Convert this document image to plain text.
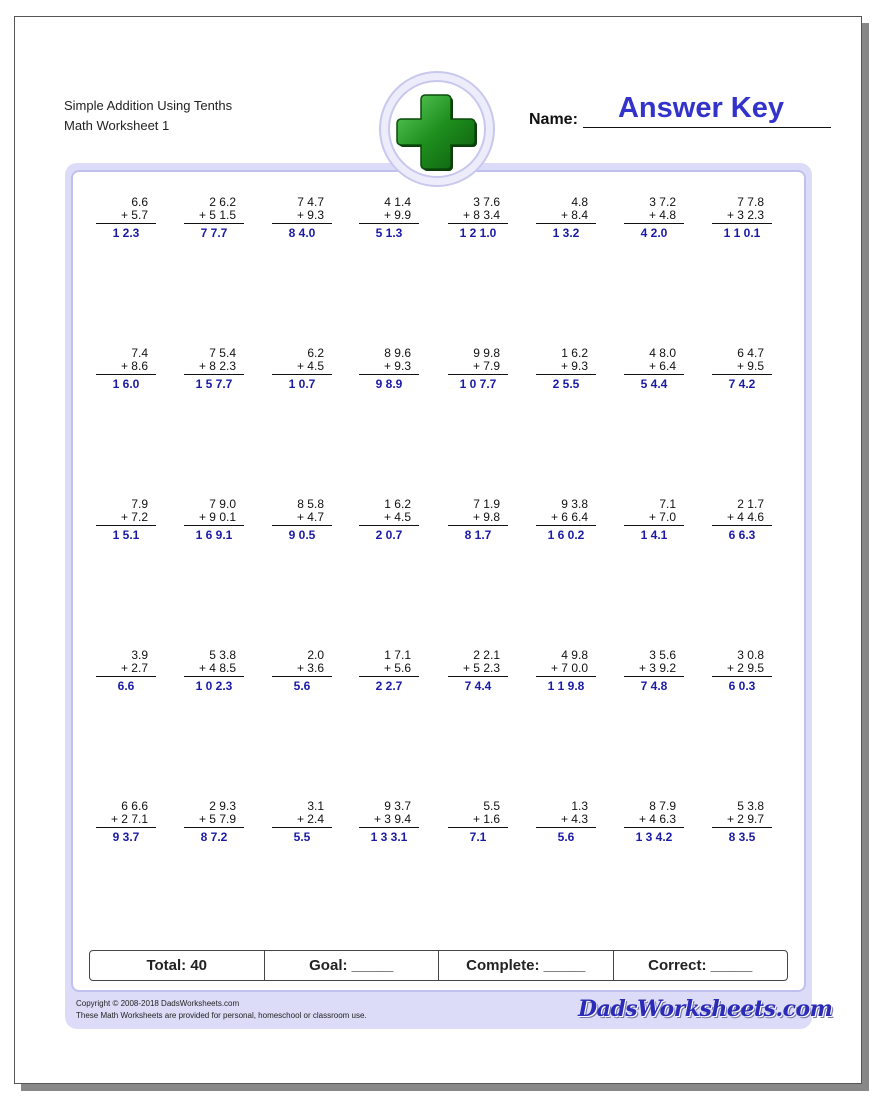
Simple Addition Using Tenths
Math Worksheet 1	Name:	Answer Key
6.6
+ 5.7
1 2.3
2 6.2
+ 5 1.5
7 7.7
7 4.7
+ 9.3
8 4.0
4 1.4
+ 9.9
5 1.3
3 7.6
+ 8 3.4
1 2 1.0
4.8
+ 8.4
1 3.2
3 7.2
+ 4.8
4 2.0
7 7.8
+ 3 2.3
1 1 0.1
7.4
+ 8.6
1 6.0
7 5.4
+ 8 2.3
1 5 7.7
6.2
+ 4.5
1 0.7
8 9.6
+ 9.3
9 8.9
9 9.8
+ 7.9
1 0 7.7
1 6.2
+ 9.3
2 5.5
4 8.0
+ 6.4
5 4.4
6 4.7
+ 9.5
7 4.2
7.9
+ 7.2
1 5.1
7 9.0
+ 9 0.1
1 6 9.1
8 5.8
+ 4.7
9 0.5
1 6.2
+ 4.5
2 0.7
7 1.9
+ 9.8
8 1.7
9 3.8
+ 6 6.4
1 6 0.2
7.1
+ 7.0
1 4.1
2 1.7
+ 4 4.6
6 6.3
3.9
+ 2.7
6.6
5 3.8
+ 4 8.5
1 0 2.3
2.0
+ 3.6
5.6
1 7.1
+ 5.6
2 2.7
2 2.1
+ 5 2.3
7 4.4
4 9.8
+ 7 0.0
1 1 9.8
3 5.6
+ 3 9.2
7 4.8
3 0.8
+ 2 9.5
6 0.3
6 6.6
+ 2 7.1
9 3.7
2 9.3
+ 5 7.9
8 7.2
3.1
+ 2.4
5.5
9 3.7
+ 3 9.4
1 3 3.1
5.5
+ 1.6
7.1
1.3
+ 4.3
5.6
8 7.9
+ 4 6.3
1 3 4.2
5 3.8
+ 2 9.7
8 3.5
Total: 40	Goal: _____	Complete: _____	Correct: _____
Copyright © 2008-2018 DadsWorksheets.com
These Math Worksheets are provided for personal, homeschool or classroom use.	DadsWorksheets.com
